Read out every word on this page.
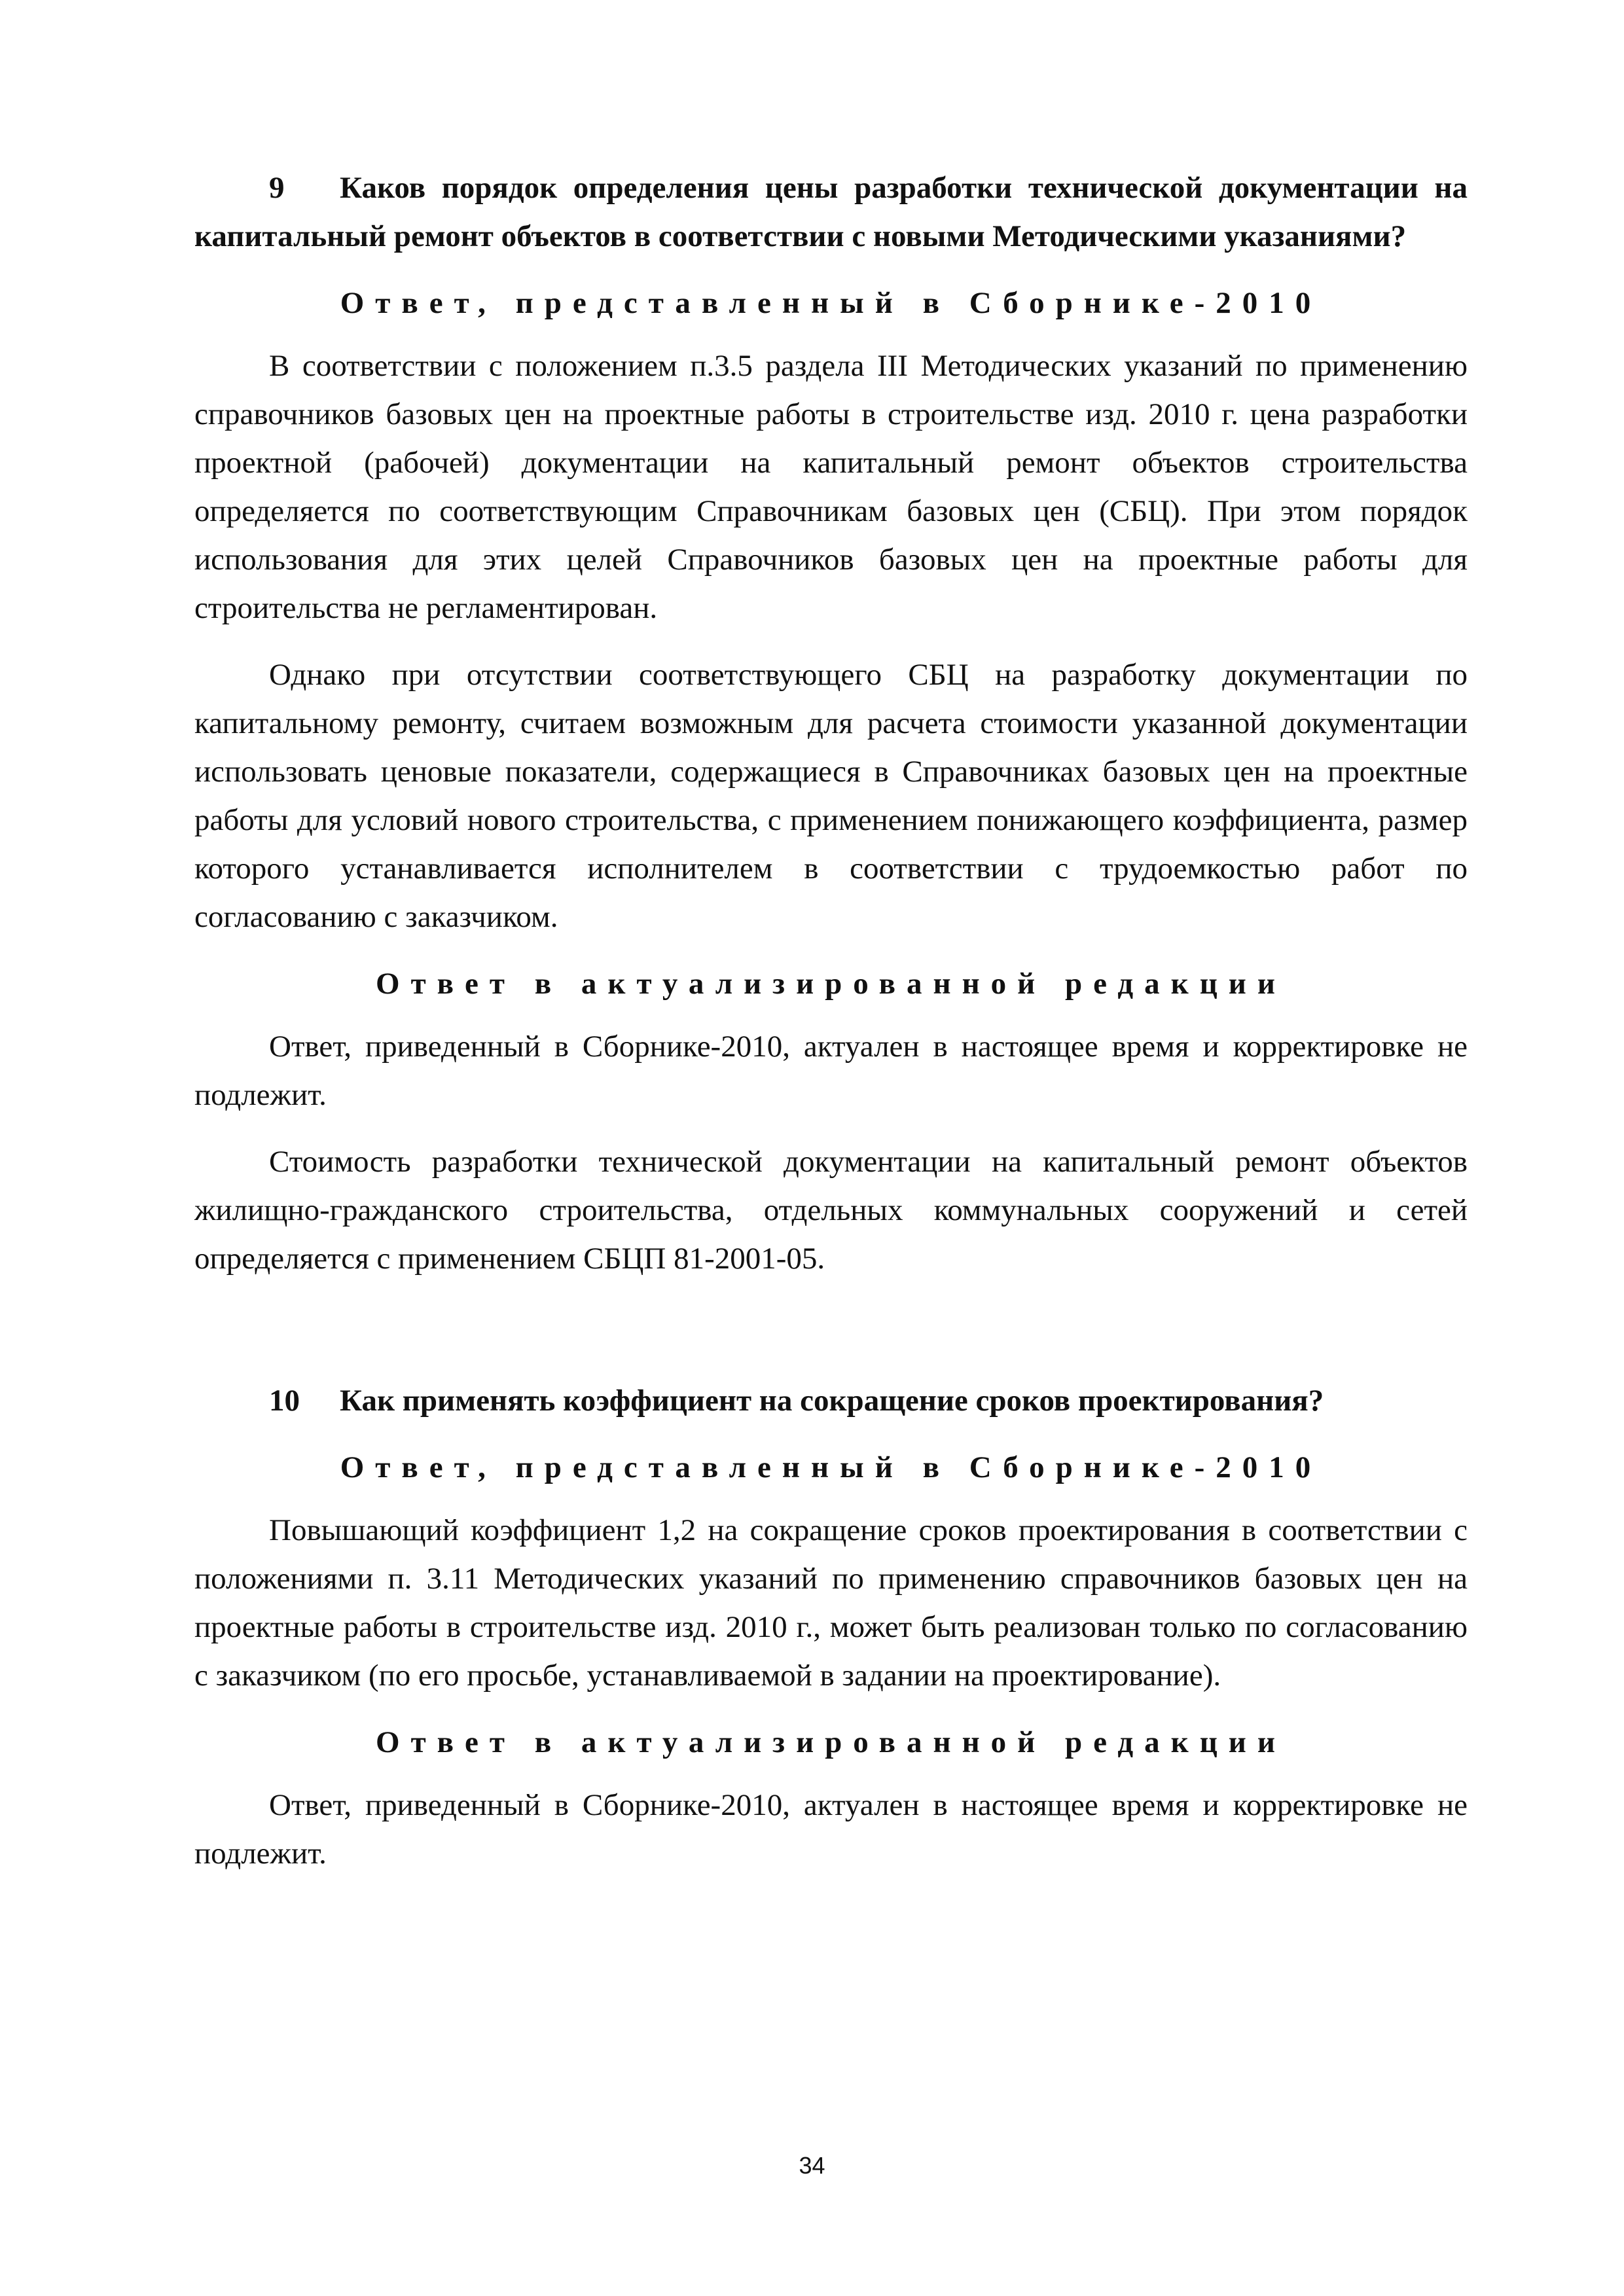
9 Каков порядок определения цены разработки технической документации на капитальный ремонт объектов в соответствии с новыми Методическими указаниями?

Ответ, представленный в Сборнике-2010

В соответствии с положением п.3.5 раздела III Методических указаний по применению справочников базовых цен на проектные работы в строительстве изд. 2010 г. цена разработки проектной (рабочей) документации на капитальный ремонт объектов строительства определяется по соответствующим Справочникам базовых цен (СБЦ). При этом порядок использования для этих целей Справочников базовых цен на проектные работы для строительства не регламентирован.

Однако при отсутствии соответствующего СБЦ на разработку документации по капитальному ремонту, считаем возможным для расчета стоимости указанной документации использовать ценовые показатели, содержащиеся в Справочниках базовых цен на проектные работы для условий нового строительства, с применением понижающего коэффициента, размер которого устанавливается исполнителем в соответствии с трудоемкостью работ по согласованию с заказчиком.

Ответ в актуализированной редакции

Ответ, приведенный в Сборнике-2010, актуален в настоящее время и корректировке не подлежит.

Стоимость разработки технической документации на капитальный ремонт объектов жилищно-гражданского строительства, отдельных коммунальных сооружений и сетей определяется с применением СБЦП 81-2001-05.

10 Как применять коэффициент на сокращение сроков проектирования?

Ответ, представленный в Сборнике-2010

Повышающий коэффициент 1,2 на сокращение сроков проектирования в соответствии с положениями п. 3.11 Методических указаний по применению справочников базовых цен на проектные работы в строительстве изд. 2010 г., может быть реализован только по согласованию с заказчиком (по его просьбе, устанавливаемой в задании на проектирование).

Ответ в актуализированной редакции

Ответ, приведенный в Сборнике-2010, актуален в настоящее время и корректировке не подлежит.

34
